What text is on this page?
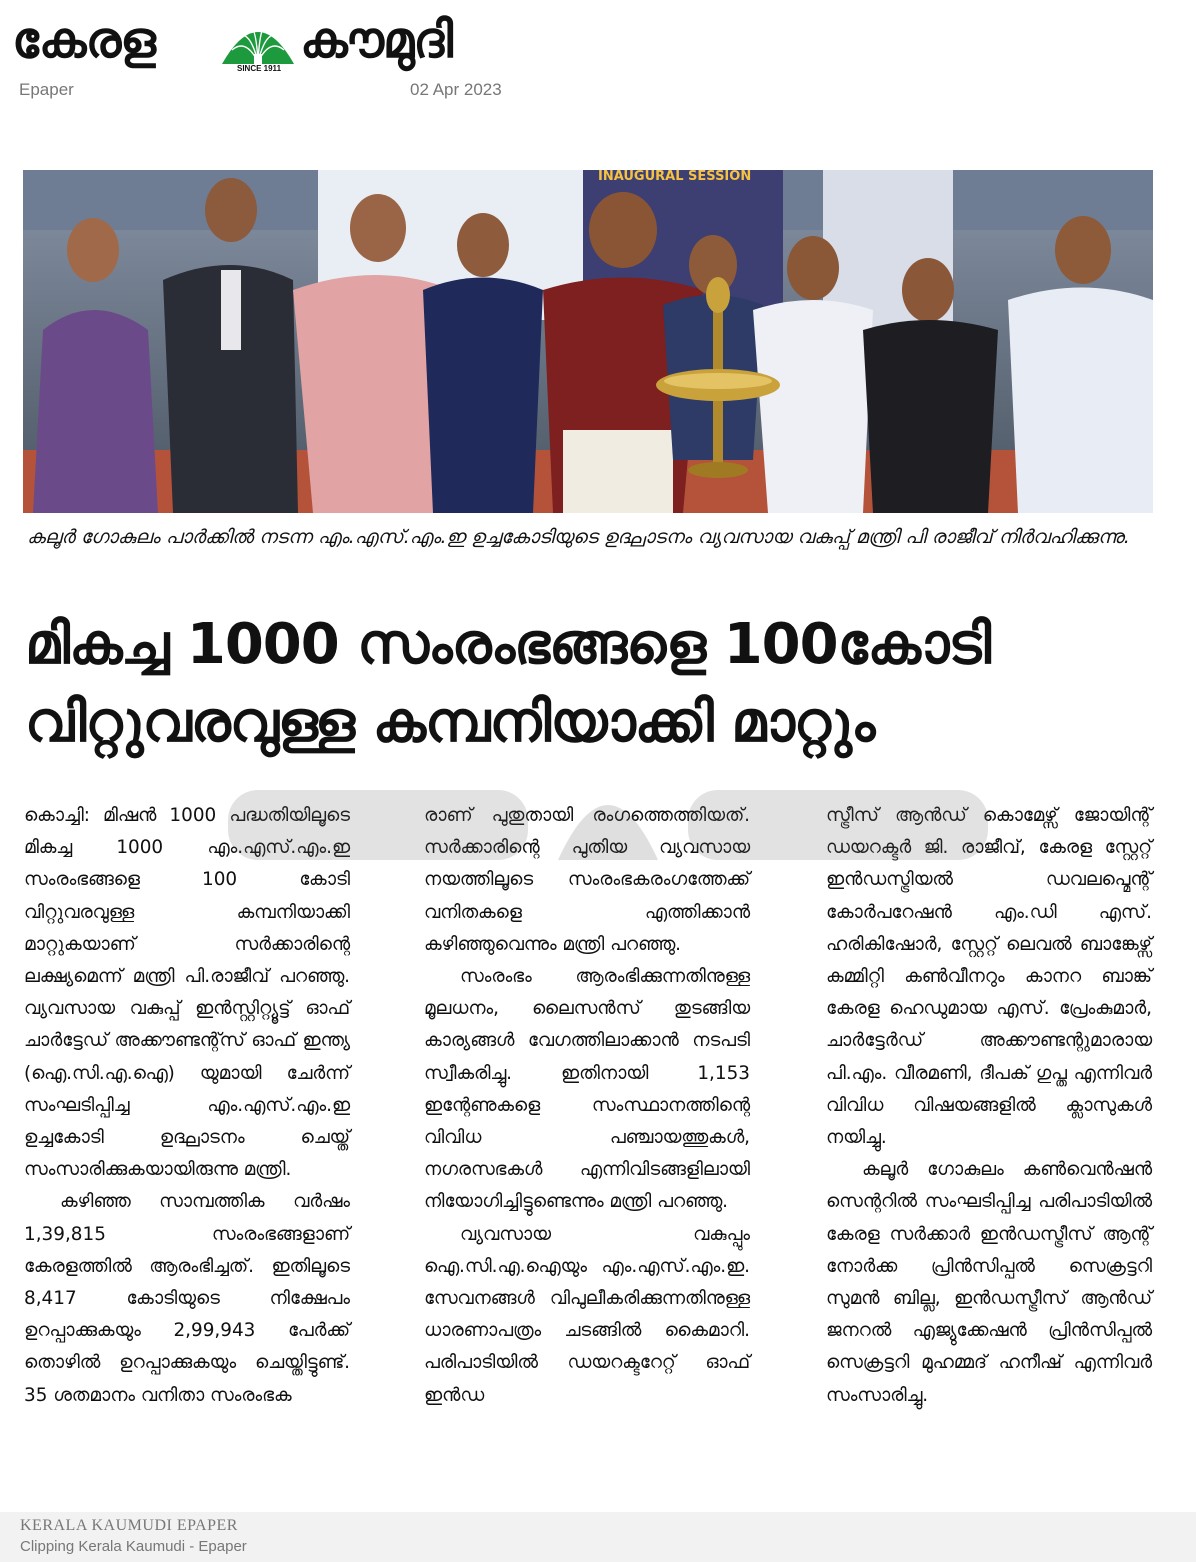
കേരള	SINCE 1911 കൗമുദി
Epaper	02 Apr 2023
INAUGURAL SESSION
കലൂർ ഗോകുലം പാർക്കിൽ നടന്ന എം.എസ്.എം.ഇ ഉച്ചകോടിയുടെ ഉദ്ഘാടനം വ്യവസായ വകുപ്പ് മന്ത്രി പി രാജീവ് നിർവഹിക്കുന്നു.
മികച്ച 1000 സംരംഭങ്ങളെ 100കോടി
വിറ്റുവരവുള്ള കമ്പനിയാക്കി മാറ്റും

കൊച്ചി: മിഷൻ 1000 പദ്ധതിയിലൂടെ മികച്ച 1000 എം.എസ്.എം.ഇ സംരംഭങ്ങളെ 100 കോടി വിറ്റുവരവുള്ള കമ്പനിയാക്കി മാറ്റുകയാണ് സർക്കാരിന്റെ ലക്ഷ്യമെന്ന് മന്ത്രി പി.രാജീവ് പറഞ്ഞു. വ്യവസായ വകുപ്പ് ഇൻസ്റ്റിറ്റ്യൂട്ട് ഓഫ് ചാർട്ടേഡ് അക്കൗണ്ടന്റ്സ് ഓഫ് ഇന്ത്യ (ഐ.സി.എ.ഐ) യുമായി ചേർന്ന് സംഘടിപ്പിച്ച എം.എസ്.എം.ഇ ഉച്ചകോടി ഉദ്ഘാടനം ചെയ്ത് സംസാരിക്കുകയായിരുന്നു മന്ത്രി.

കഴിഞ്ഞ സാമ്പത്തിക വർഷം 1,39,815 സംരംഭങ്ങളാണ് കേരളത്തിൽ ആരംഭിച്ചത്. ഇതിലൂടെ 8,417 കോടിയുടെ നിക്ഷേപം ഉറപ്പാക്കുകയും 2,99,943 പേർക്ക് തൊഴിൽ ഉറപ്പാക്കുകയും ചെയ്തിട്ടുണ്ട്. 35 ശതമാനം വനിതാ സംരംഭക

രാണ് പുതുതായി രംഗത്തെത്തിയത്. സർക്കാരിന്റെ പുതിയ വ്യവസായ നയത്തിലൂടെ സംരംഭകരംഗത്തേക്ക് വനിതകളെ എത്തിക്കാൻ കഴിഞ്ഞുവെന്നും മന്ത്രി പറഞ്ഞു.

സംരംഭം ആരംഭിക്കുന്നതിനുള്ള മൂലധനം, ലൈസൻസ് തുടങ്ങിയ കാര്യങ്ങൾ വേഗത്തിലാക്കാൻ നടപടി സ്വീകരിച്ചു. ഇതിനായി 1,153 ഇന്റേണുകളെ സംസ്ഥാനത്തിന്റെ വിവിധ പഞ്ചായത്തുകൾ, നഗരസഭകൾ എന്നിവിടങ്ങളിലായി നിയോഗിച്ചിട്ടുണ്ടെന്നും മന്ത്രി പറഞ്ഞു.

വ്യവസായ വകുപ്പും ഐ.സി.എ.ഐയും എം.എസ്.എം.ഇ. സേവനങ്ങൾ വിപുലീകരിക്കുന്നതിനുള്ള ധാരണാപത്രം ചടങ്ങിൽ കൈമാറി. പരിപാടിയിൽ ഡയറക്ടറേറ്റ് ഓഫ് ഇൻഡ

സ്ട്രീസ് ആൻഡ് കൊമേഴ്സ് ജോയിന്റ് ഡയറക്ടർ ജി. രാജീവ്, കേരള സ്റ്റേറ്റ് ഇൻഡസ്ട്രിയൽ ഡവലപ്മെന്റ് കോർപറേഷൻ എം.ഡി എസ്. ഹരികിഷോർ, സ്റ്റേറ്റ് ലെവൽ ബാങ്കേഴ്സ് കമ്മിറ്റി കൺവീനറും കാനറ ബാങ്ക് കേരള ഹെഡുമായ എസ്. പ്രേംകുമാർ, ചാർട്ടേർഡ് അക്കൗണ്ടന്റുമാരായ പി.എം. വീരമണി, ദീപക് ഗുപ്ത എന്നിവർ വിവിധ വിഷയങ്ങളിൽ ക്ലാസുകൾ നയിച്ചു.

കലൂർ ഗോകുലം കൺവെൻഷൻ സെന്ററിൽ സംഘടിപ്പിച്ച പരിപാടിയിൽ കേരള സർക്കാർ ഇൻഡസ്ട്രീസ് ആന്റ് നോർക്ക പ്രിൻസിപ്പൽ സെക്രട്ടറി സുമൻ ബില്ല, ഇൻഡസ്ട്രീസ് ആൻഡ് ജനറൽ എജ്യുക്കേഷൻ പ്രിൻസിപ്പൽ സെക്രട്ടറി മുഹമ്മദ് ഹനീഷ് എന്നിവർ സംസാരിച്ചു.

KERALA KAUMUDI EPAPER
Clipping Kerala Kaumudi - Epaper
